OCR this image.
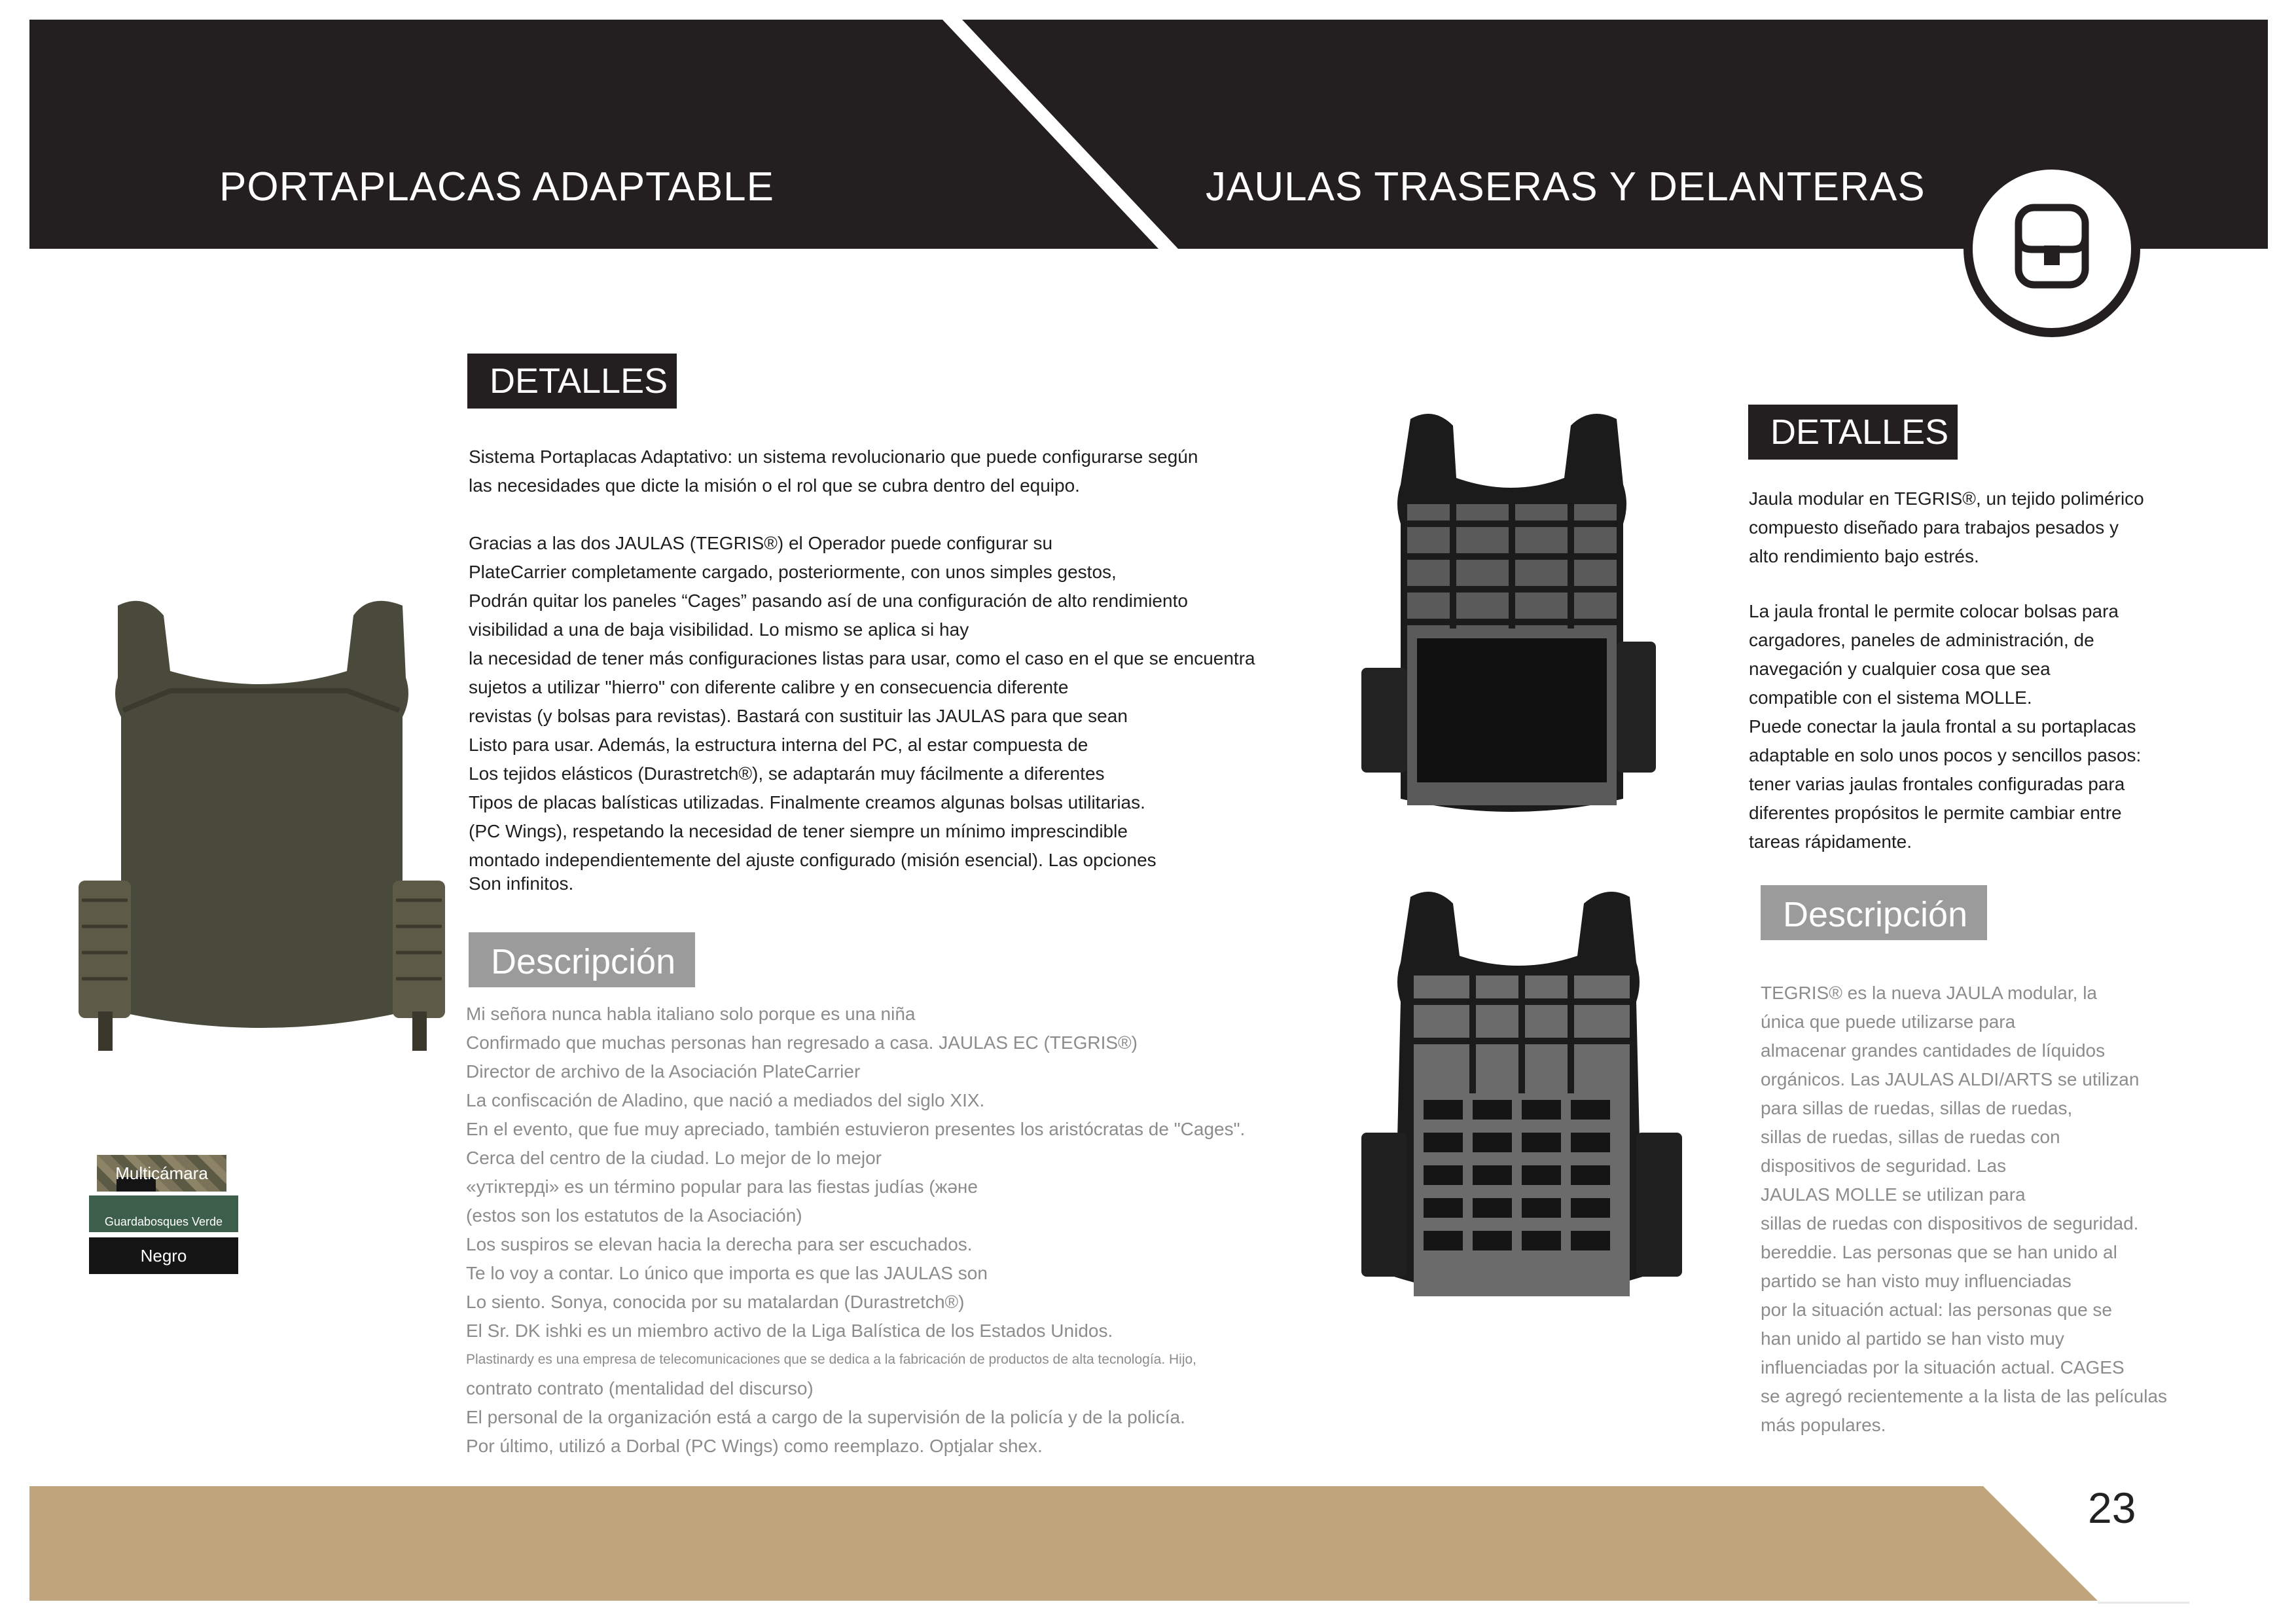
PORTAPLACAS ADAPTABLE	JAULAS TRASERAS Y DELANTERAS
Multicámara
Guardabosques Verde
Negro
DETALLES
Sistema Portaplacas Adaptativo: un sistema revolucionario que puede configurarse según
las necesidades que dicte la misión o el rol que se cubra dentro del equipo.
Gracias a las dos JAULAS (TEGRIS®) el Operador puede configurar su
PlateCarrier completamente cargado, posteriormente, con unos simples gestos,
Podrán quitar los paneles “Cages” pasando así de una configuración de alto rendimiento
visibilidad a una de baja visibilidad. Lo mismo se aplica si hay
la necesidad de tener más configuraciones listas para usar, como el caso en el que se encuentra
sujetos a utilizar "hierro" con diferente calibre y en consecuencia diferente
revistas (y bolsas para revistas). Bastará con sustituir las JAULAS para que sean
Listo para usar. Además, la estructura interna del PC, al estar compuesta de
Los tejidos elásticos (Durastretch®), se adaptarán muy fácilmente a diferentes
Tipos de placas balísticas utilizadas. Finalmente creamos algunas bolsas utilitarias.
(PC Wings), respetando la necesidad de tener siempre un mínimo imprescindible
montado independientemente del ajuste configurado (misión esencial). Las opciones
Son infinitos.
Descripción
Mi señora nunca habla italiano solo porque es una niña
Confirmado que muchas personas han regresado a casa. JAULAS EC (TEGRIS®)
Director de archivo de la Asociación PlateCarrier
La confiscación de Aladino, que nació a mediados del siglo XIX.
En el evento, que fue muy apreciado, también estuvieron presentes los aristócratas de "Cages".
Cerca del centro de la ciudad. Lo mejor de lo mejor
«утіктерді» es un término popular para las fiestas judías (және
(estos son los estatutos de la Asociación)
Los suspiros se elevan hacia la derecha para ser escuchados.
Te lo voy a contar. Lo único que importa es que las JAULAS son
Lo siento. Sonya, conocida por su matalardan (Durastretch®)
El Sr. DK ishki es un miembro activo de la Liga Balística de los Estados Unidos.
Plastinardy es una empresa de telecomunicaciones que se dedica a la fabricación de productos de alta tecnología. Hijo,
contrato contrato (mentalidad del discurso)
El personal de la organización está a cargo de la supervisión de la policía y de la policía.
Por último, utilizó a Dorbal (PC Wings) como reemplazo. Optjalar shex.
DETALLES
Jaula modular en TEGRIS®, un tejido polimérico
compuesto diseñado para trabajos pesados y
alto rendimiento bajo estrés.
La jaula frontal le permite colocar bolsas para
cargadores, paneles de administración, de
navegación y cualquier cosa que sea
compatible con el sistema MOLLE.
Puede conectar la jaula frontal a su portaplacas
adaptable en solo unos pocos y sencillos pasos:
tener varias jaulas frontales configuradas para
diferentes propósitos le permite cambiar entre
tareas rápidamente.
Descripción
TEGRIS® es la nueva JAULA modular, la
única que puede utilizarse para
almacenar grandes cantidades de líquidos
orgánicos. Las JAULAS ALDI/ARTS se utilizan
para sillas de ruedas, sillas de ruedas,
sillas de ruedas, sillas de ruedas con
dispositivos de seguridad. Las
JAULAS MOLLE se utilizan para
sillas de ruedas con dispositivos de seguridad.
bereddie. Las personas que se han unido al
partido se han visto muy influenciadas
por la situación actual: las personas que se
han unido al partido se han visto muy
influenciadas por la situación actual. CAGES
se agregó recientemente a la lista de las películas
más populares.
23
